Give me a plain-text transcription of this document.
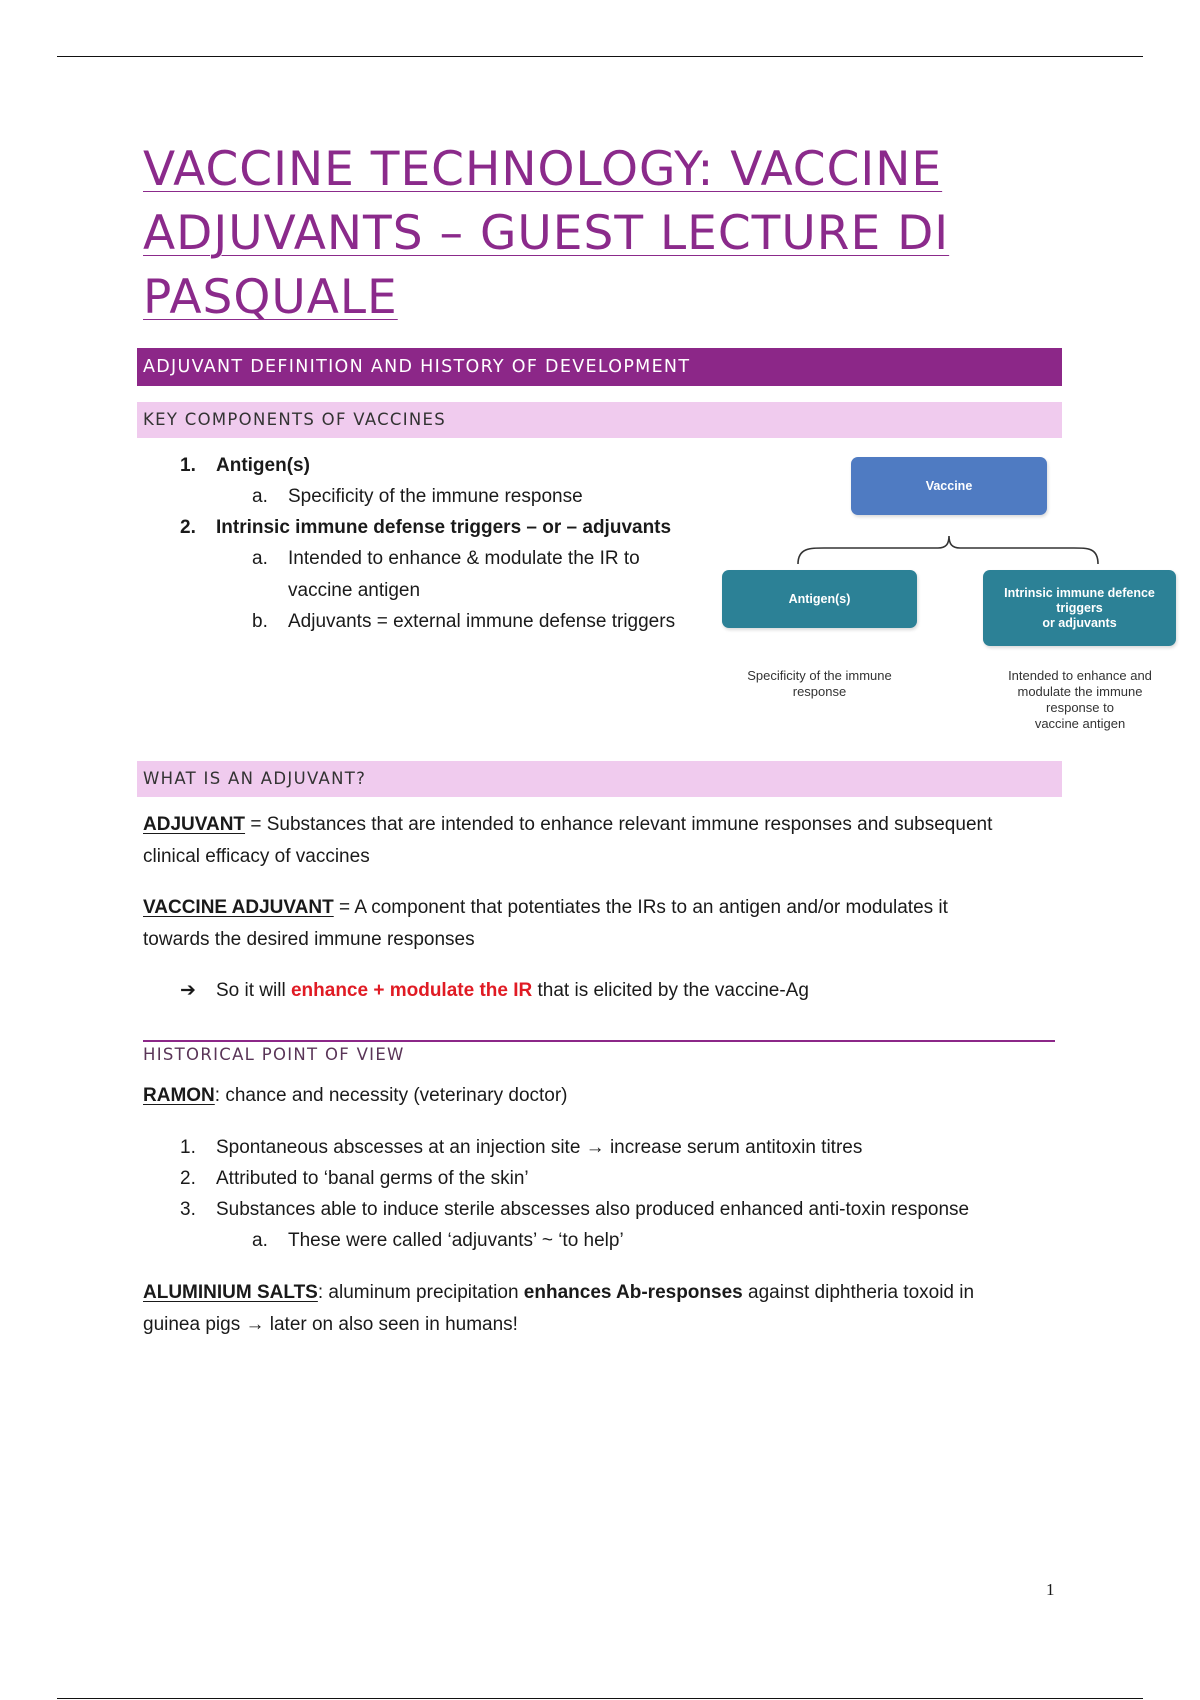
VACCINE TECHNOLOGY: VACCINE ADJUVANTS – GUEST LECTURE DI PASQUALE
ADJUVANT DEFINITION AND HISTORY OF DEVELOPMENT
KEY COMPONENTS OF VACCINES
1. Antigen(s)
a. Specificity of the immune response
2. Intrinsic immune defense triggers – or – adjuvants
a. Intended to enhance & modulate the IR to
vaccine antigen
b. Adjuvants = external immune defense triggers
Vaccine
Antigen(s)	Intrinsic immune defence
triggers
or adjuvants
Specificity of the immune
response
Intended to enhance and
modulate the immune
response to
vaccine antigen
WHAT IS AN ADJUVANT?
ADJUVANT = Substances that are intended to enhance relevant immune responses and subsequent
clinical efficacy of vaccines
VACCINE ADJUVANT = A component that potentiates the IRs to an antigen and/or modulates it
towards the desired immune responses
➔ So it will enhance + modulate the IR that is elicited by the vaccine-Ag
HISTORICAL POINT OF VIEW
RAMON: chance and necessity (veterinary doctor)
1. Spontaneous abscesses at an injection site → increase serum antitoxin titres
2. Attributed to ‘banal germs of the skin’
3. Substances able to induce sterile abscesses also produced enhanced anti-toxin response
a. These were called ‘adjuvants’ ~ ‘to help’
ALUMINIUM SALTS: aluminum precipitation enhances Ab-responses against diphtheria toxoid in
guinea pigs → later on also seen in humans!
1
